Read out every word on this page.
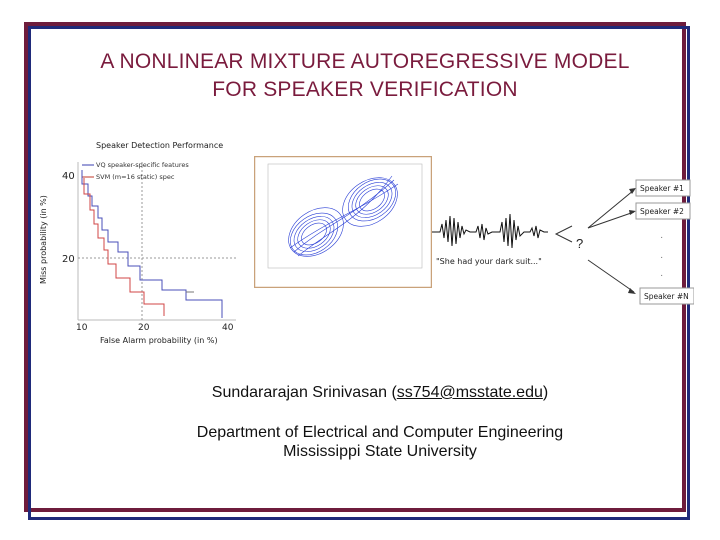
A NONLINEAR MIXTURE AUTOREGRESSIVE MODEL
FOR SPEAKER VERIFICATION
Speaker Detection Performance
40
20
10	20	40
False Alarm probability (in %)
Miss probability (in %)
VQ speaker-specific features
SVM (m=16 static) spec
"She had your dark suit..."
?
Speaker #1
Speaker #2
·
·
·
Speaker #N
Sundararajan Srinivasan (ss754@msstate.edu)
Department of Electrical and Computer Engineering
Mississippi State University
